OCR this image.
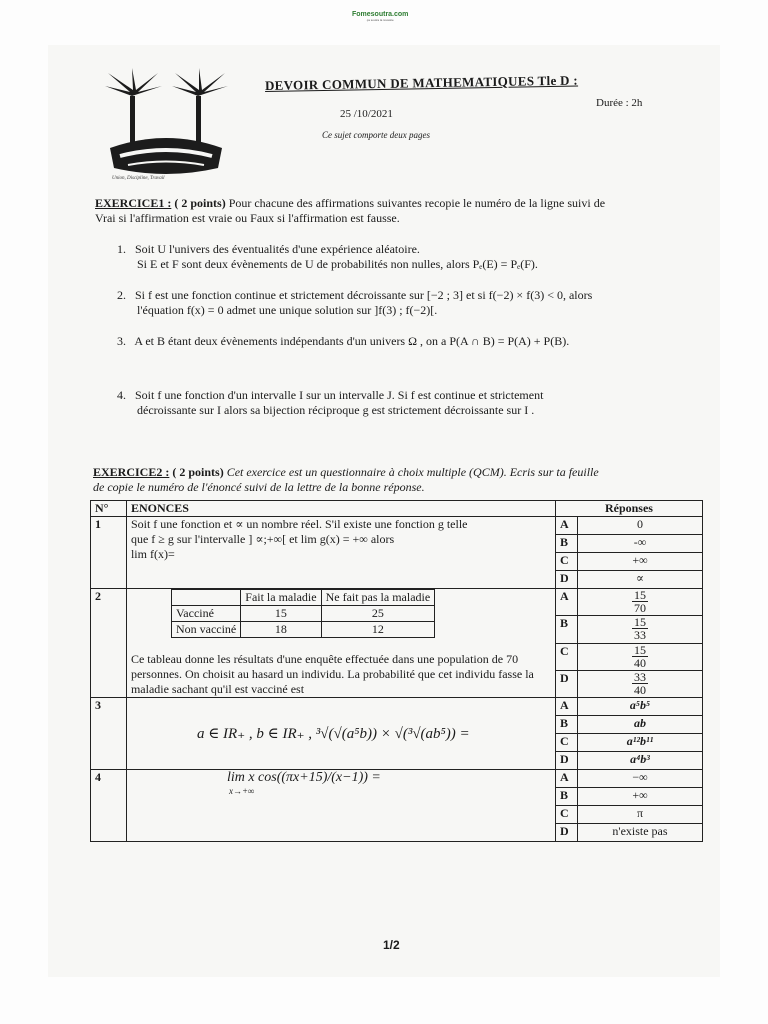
Fomesoutra.com
ça soutra la réussite
Union, Discipline, Travail
DEVOIR COMMUN DE MATHEMATIQUES Tle D :
Durée : 2h
25 /10/2021
Ce sujet comporte deux pages
EXERCICE1 : ( 2 points) Pour chacune des affirmations suivantes recopie le numéro de la ligne suivi de
Vrai si l'affirmation est vraie ou Faux si l'affirmation est fausse.
1. Soit U l'univers des éventualités d'une expérience aléatoire.
Si E et F sont deux évènements de U de probabilités non nulles, alors Pₑ(E) = Pₑ(F).
2. Si f est une fonction continue et strictement décroissante sur [−2 ; 3] et si f(−2) × f(3) < 0, alors
l'équation f(x) = 0 admet une unique solution sur ]f(3) ; f(−2)[.
3. A et B étant deux évènements indépendants d'un univers Ω , on a P(A ∩ B) = P(A) + P(B).
4. Soit f une fonction d'un intervalle I sur un intervalle J. Si f est continue et strictement
décroissante sur I alors sa bijection réciproque g est strictement décroissante sur I .
EXERCICE2 : ( 2 points) Cet exercice est un questionnaire à choix multiple (QCM). Ecris sur ta feuille
de copie le numéro de l'énoncé suivi de la lettre de la bonne réponse.
N°	ENONCES	Réponses
1	Soit f une fonction et ∝ un nombre réel. S'il existe une fonction g telle
que f ≥ g sur l'intervalle ] ∝;+∞[ et lim g(x) = +∞ alors
lim f(x)=
	A	0
B	-∞
C	+∞
D	∝
2	
		Fait la maladie	Ne fait pas la maladie
Vacciné	15	25
Non vacciné	18	12
Ce tableau donne les résultats d'une enquête effectuée dans une population de 70 personnes. On choisit au hasard un individu. La probabilité que cet individu fasse la maladie sachant qu'il est vacciné est
	A	$\frac{15}{70}$

B	$\frac{15}{33}$

C	$\frac{15}{40}$

D	$\frac{33}{40}$

3	a ∈ IR₊ , b ∈ IR₊ , ³√(√(a⁵b)) × √(³√(ab⁵)) =	A	a⁵b⁵
B	ab
C	a¹²b¹¹
D	a⁴b³
4	lim x cos((πx+15)/(x−1)) =
x→+∞
	A	−∞
B	+∞
C	π
D	n'existe pas
1/2
